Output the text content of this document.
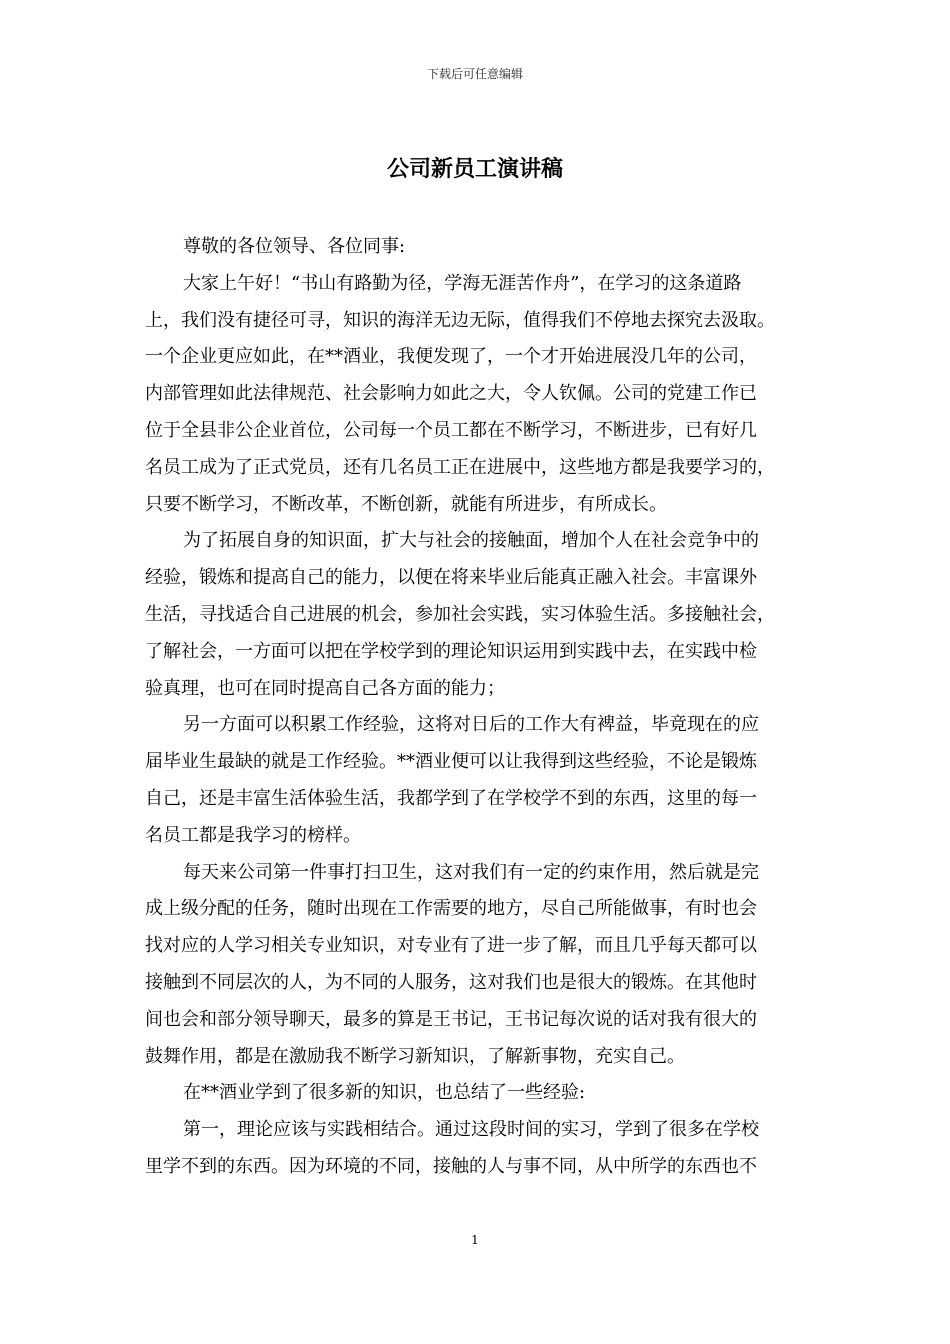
下载后可任意编辑
公司新员工演讲稿

尊敬的各位领导、各位同事:

大家上午好！“书山有路勤为径，学海无涯苦作舟”，在学习的这条道路

上，我们没有捷径可寻，知识的海洋无边无际，值得我们不停地去探究去汲取。

一个企业更应如此，在**酒业，我便发现了，一个才开始进展没几年的公司，

内部管理如此法律规范、社会影响力如此之大，令人钦佩。公司的党建工作已

位于全县非公企业首位，公司每一个员工都在不断学习，不断进步，已有好几

名员工成为了正式党员，还有几名员工正在进展中，这些地方都是我要学习的，

只要不断学习，不断改革，不断创新，就能有所进步，有所成长。

为了拓展自身的知识面，扩大与社会的接触面，增加个人在社会竞争中的

经验，锻炼和提高自己的能力，以便在将来毕业后能真正融入社会。丰富课外

生活，寻找适合自己进展的机会，参加社会实践，实习体验生活。多接触社会，

了解社会，一方面可以把在学校学到的理论知识运用到实践中去，在实践中检

验真理，也可在同时提高自己各方面的能力；

另一方面可以积累工作经验，这将对日后的工作大有裨益，毕竟现在的应

届毕业生最缺的就是工作经验。**酒业便可以让我得到这些经验，不论是锻炼

自己，还是丰富生活体验生活，我都学到了在学校学不到的东西，这里的每一

名员工都是我学习的榜样。

每天来公司第一件事打扫卫生，这对我们有一定的约束作用，然后就是完

成上级分配的任务，随时出现在工作需要的地方，尽自己所能做事，有时也会

找对应的人学习相关专业知识，对专业有了进一步了解，而且几乎每天都可以

接触到不同层次的人，为不同的人服务，这对我们也是很大的锻炼。在其他时

间也会和部分领导聊天，最多的算是王书记，王书记每次说的话对我有很大的

鼓舞作用，都是在激励我不断学习新知识，了解新事物，充实自己。

在**酒业学到了很多新的知识，也总结了一些经验:

第一，理论应该与实践相结合。通过这段时间的实习，学到了很多在学校

里学不到的东西。因为环境的不同，接触的人与事不同，从中所学的东西也不

1
